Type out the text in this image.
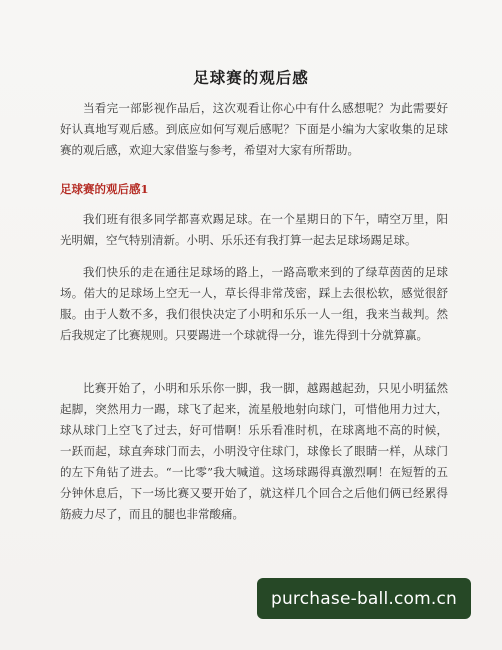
足球赛的观后感

当看完一部影视作品后，这次观看让你心中有什么感想呢？为此需要好好认真地写观后感。到底应如何写观后感呢？下面是小编为大家收集的足球赛的观后感，欢迎大家借鉴与参考，希望对大家有所帮助。

足球赛的观后感1

我们班有很多同学都喜欢踢足球。在一个星期日的下午，晴空万里，阳光明媚，空气特别清新。小明、乐乐还有我打算一起去足球场踢足球。

我们快乐的走在通往足球场的路上，一路高歌来到的了绿草茵茵的足球场。偌大的足球场上空无一人，草长得非常茂密，踩上去很松软，感觉很舒服。由于人数不多，我们很快决定了小明和乐乐一人一组，我来当裁判。然后我规定了比赛规则。只要踢进一个球就得一分，谁先得到十分就算赢。

比赛开始了，小明和乐乐你一脚，我一脚，越踢越起劲，只见小明猛然起脚，突然用力一踢，球飞了起来，流星般地射向球门，可惜他用力过大，球从球门上空飞了过去，好可惜啊！乐乐看准时机，在球离地不高的时候，一跃而起，球直奔球门而去，小明没守住球门，球像长了眼睛一样，从球门的左下角钻了进去。“一比零”我大喊道。这场球踢得真激烈啊！在短暂的五分钟休息后，下一场比赛又要开始了，就这样几个回合之后他们俩已经累得筋疲力尽了，而且的腿也非常酸痛。

purchase-ball.com.cn
